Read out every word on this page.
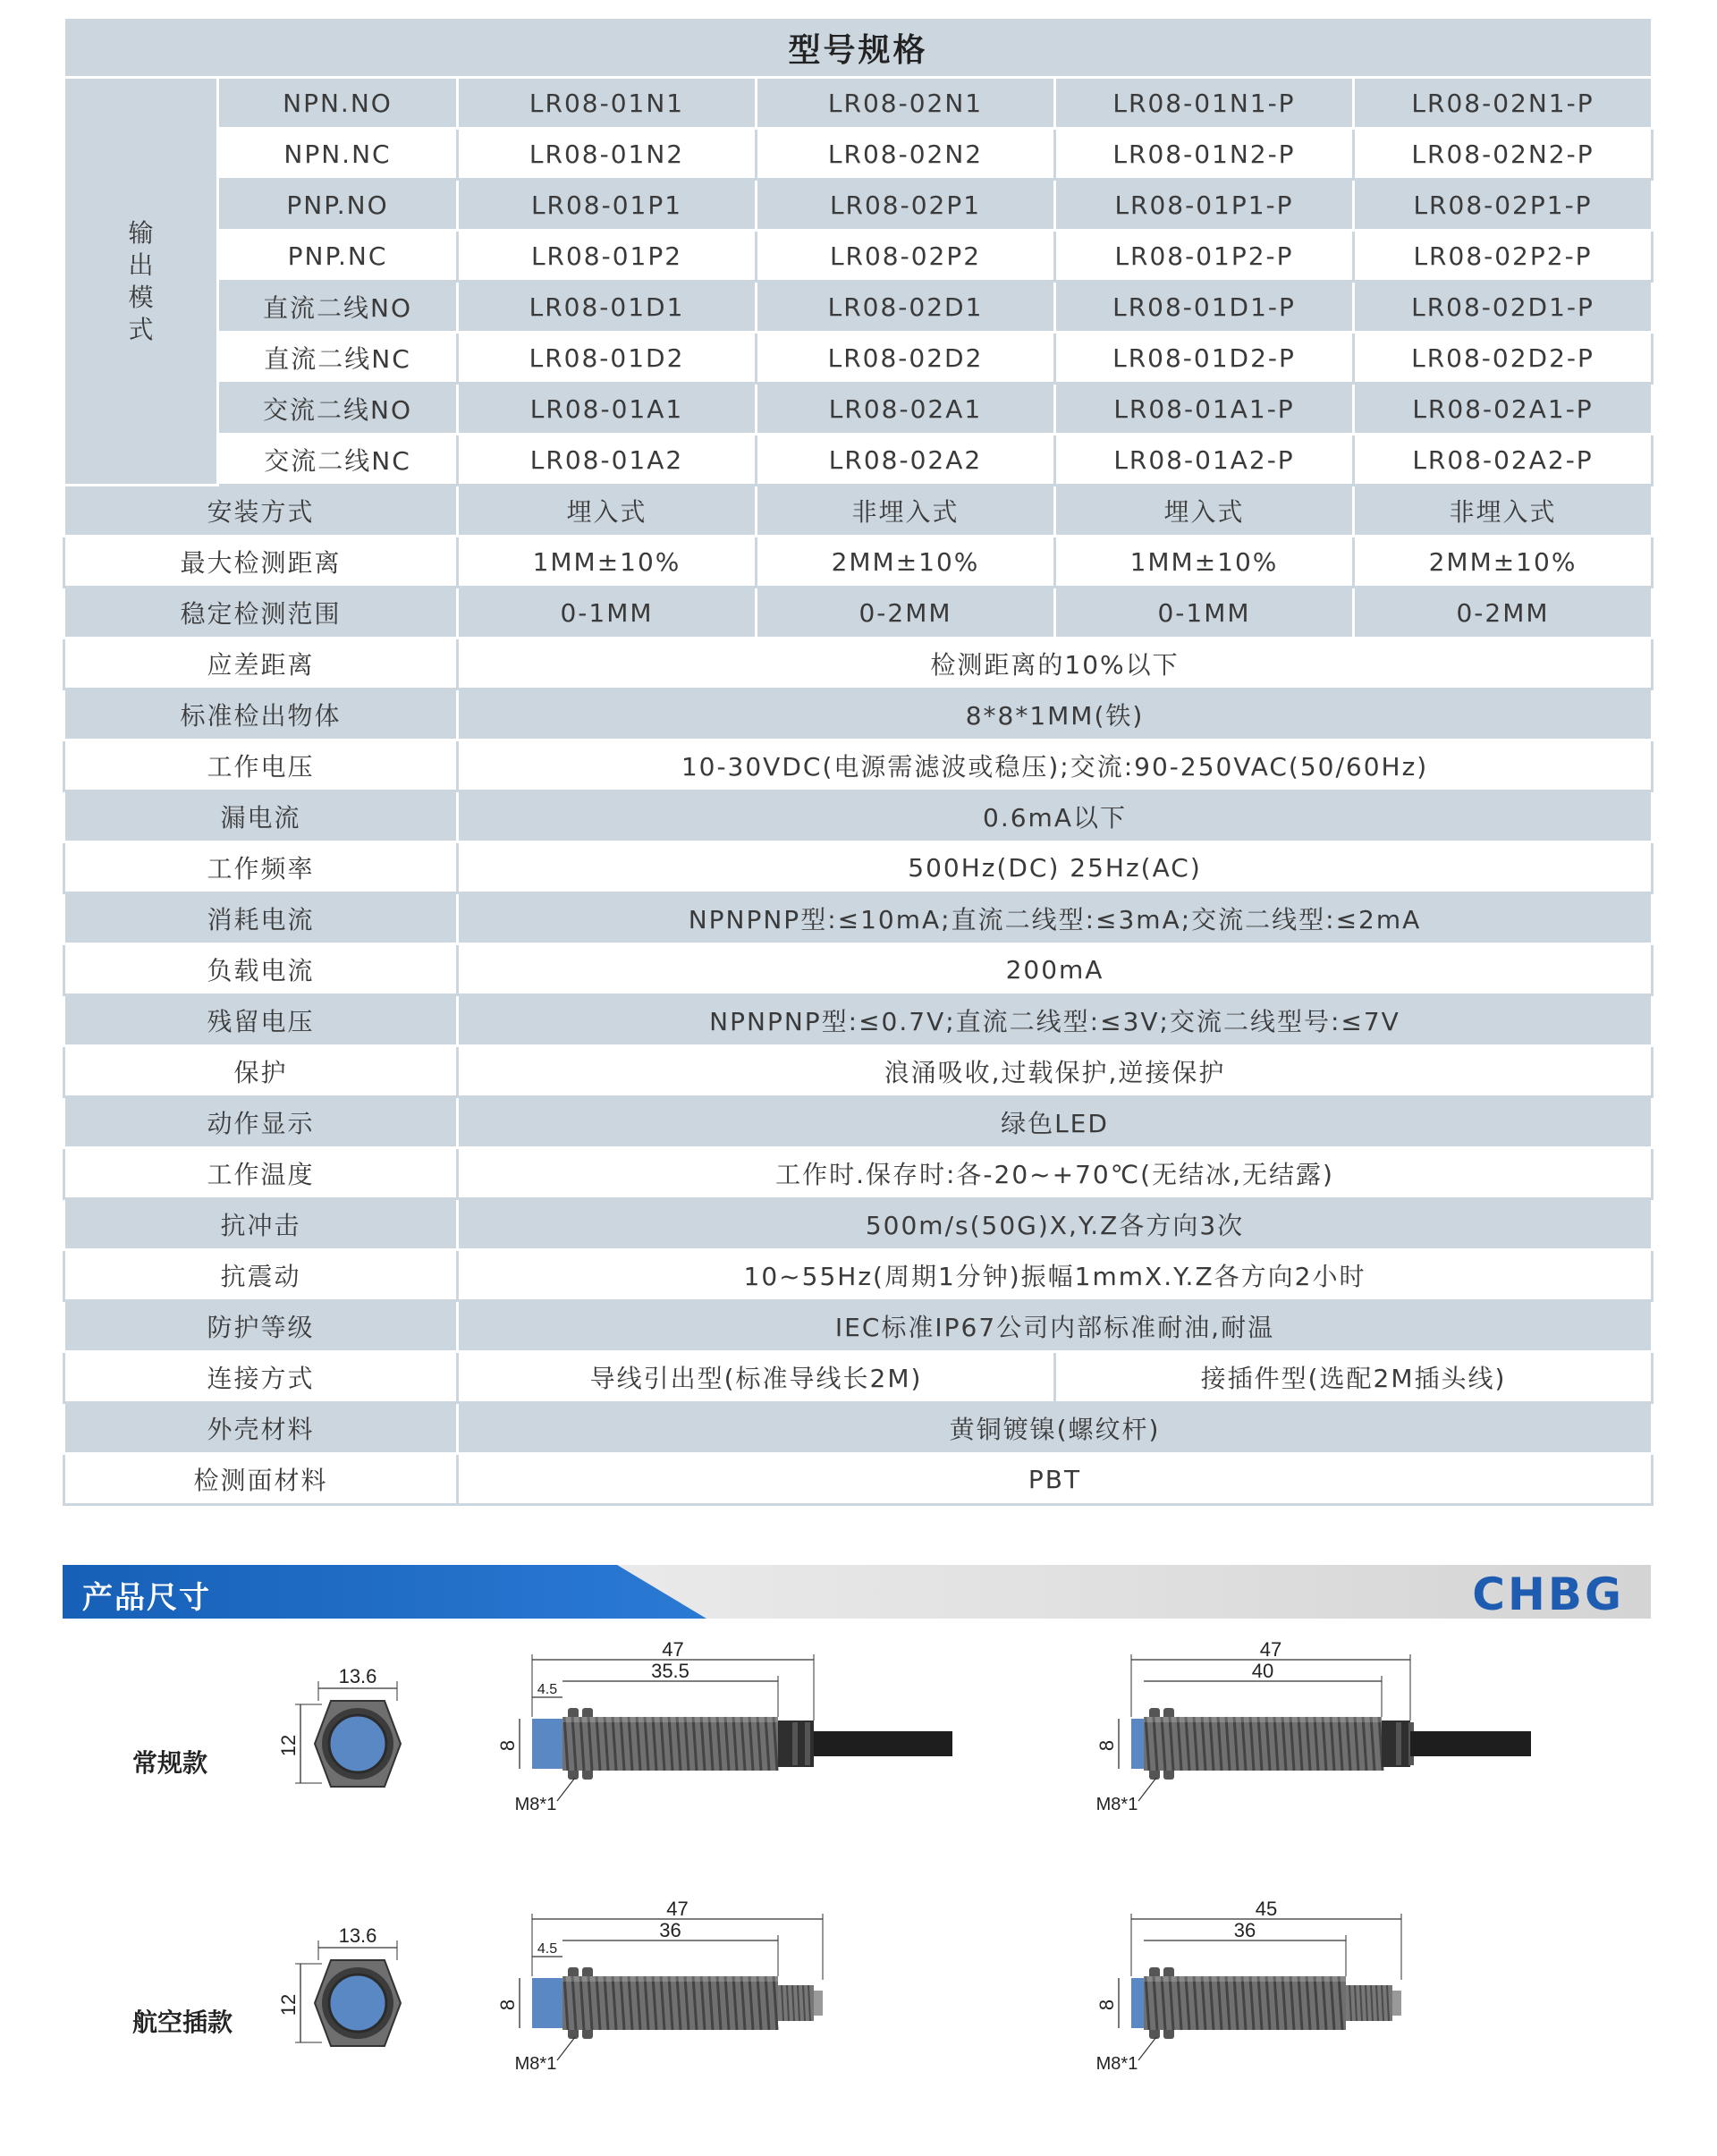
型号规格					

输出模式	NPN.NO	LR08-01N1	LR08-02N1	LR08-01N1-P	LR08-02N1-P
	NPN.NC	LR08-01N2	LR08-02N2	LR08-01N2-P	LR08-02N2-P
	PNP.NO	LR08-01P1	LR08-02P1	LR08-01P1-P	LR08-02P1-P
	PNP.NC	LR08-01P2	LR08-02P2	LR08-01P2-P	LR08-02P2-P
	直流二线NO	LR08-01D1	LR08-02D1	LR08-01D1-P	LR08-02D1-P
	直流二线NC	LR08-01D2	LR08-02D2	LR08-01D2-P	LR08-02D2-P
	交流二线NO	LR08-01A1	LR08-02A1	LR08-01A1-P	LR08-02A1-P
	交流二线NC	LR08-01A2	LR08-02A2	LR08-01A2-P	LR08-02A2-P
安装方式		埋入式	非埋入式	埋入式	非埋入式
最大检测距离		1MM±10%	2MM±10%	1MM±10%	2MM±10%
稳定检测范围		0-1MM	0-2MM	0-1MM	0-2MM
应差距离		检测距离的10%以下			
标准检出物体		8*8*1MM(铁)			
工作电压		10-30VDC(电源需滤波或稳压);交流:90-250VAC(50/60Hz)			
漏电流		0.6mA以下			
工作频率		500Hz(DC) 25Hz(AC)			
消耗电流		NPNPNP型:≤10mA;直流二线型:≤3mA;交流二线型:≤2mA			
负载电流		200mA			
残留电压		NPNPNP型:≤0.7V;直流二线型:≤3V;交流二线型号:≤7V			
保护		浪涌吸收,过载保护,逆接保护			
动作显示		绿色LED			
工作温度		工作时.保存时:各-20~+70℃(无结冰,无结露)			
抗冲击		500m/s(50G)X,Y.Z各方向3次			
抗震动		10~55Hz(周期1分钟)振幅1mmX.Y.Z各方向2小时			
防护等级		IEC标准IP67公司内部标准耐油,耐温			
连接方式		导线引出型(标准导线长2M)		接插件型(选配2M插头线)	
外壳材料		黄铜镀镍(螺纹杆)			
检测面材料		PBT			
产品尺寸	CHBG
常规款
13.6
12
47
35.5
4.5
8
M8*1
47
40
8
M8*1
航空插款
13.6
12
47
36
4.5
8
M8*1
45
36
8
M8*1
